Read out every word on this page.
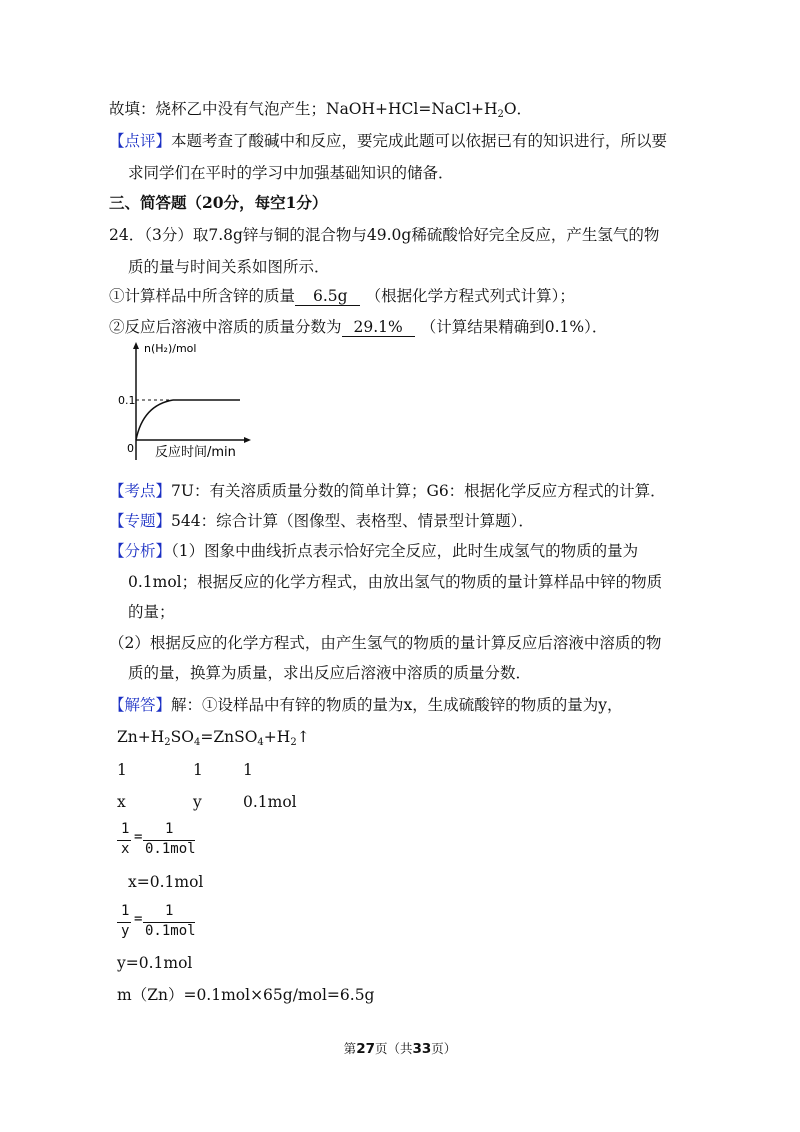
故填：烧杯乙中没有气泡产生；$NaOH+HCl=NaCl+H_2O$．
【点评】本题考查了酸碱中和反应，要完成此题可以依据已有的知识进行，所以要
求同学们在平时的学习中加强基础知识的储备．
三、简答题（20分，每空1分）
24．（3分）取7.8g锌与铜的混合物与49.0g稀硫酸恰好完全反应，产生氢气的物
质的量与时间关系如图所示．
①计算样品中所含锌的质量 6.5g （根据化学方程式列式计算）；
②反应后溶液中溶质的质量分数为 29.1% （计算结果精确到0.1%）．
n(H₂)/mol
0.1
0 反应时间/min
【考点】7U：有关溶质质量分数的简单计算；G6：根据化学反应方程式的计算．
【专题】544：综合计算（图像型、表格型、情景型计算题）．
【分析】（1）图象中曲线折点表示恰好完全反应，此时生成氢气的物质的量为
0.1mol；根据反应的化学方程式，由放出氢气的物质的量计算样品中锌的物质
的量；
（2）根据反应的化学方程式，由产生氢气的物质的量计算反应后溶液中溶质的物
质的量，换算为质量，求出反应后溶液中溶质的质量分数．
【解答】解：①设样品中有锌的物质的量为x，生成硫酸锌的物质的量为y，
$Zn+H_2SO_4=ZnSO_4+H_2↑$
1	1	1
x	y	0.1mol
1 = 1
x 0.1mol
x=0.1mol
1 = 1
y 0.1mol
y=0.1mol
m（Zn）=0.1mol×65g/mol=6.5g
第27页（共33页）
